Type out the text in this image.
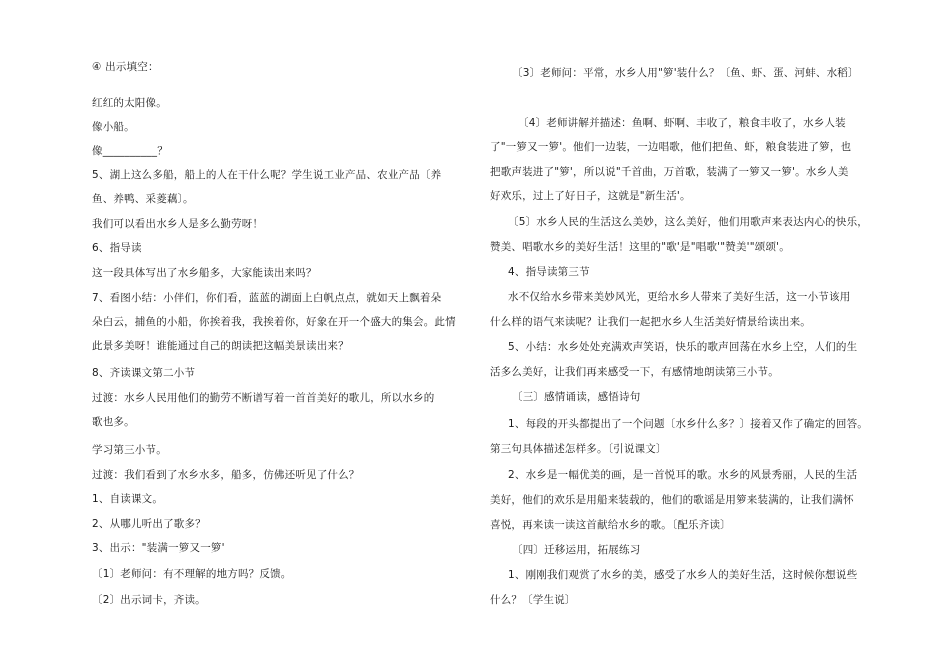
④ 出示填空：
红红的太阳像。
像小船。
像__________？
5、湖上这么多船，船上的人在干什么呢？学生说工业产品、农业产品〔养
鱼、养鸭、采菱藕〕。
我们可以看出水乡人是多么勤劳呀！
6、指导读
这一段具体写出了水乡船多，大家能读出来吗？
7、看图小结：小伴们，你们看，蓝蓝的湖面上白帆点点，就如天上飘着朵
朵白云，捕鱼的小船，你挨着我，我挨着你，好象在开一个盛大的集会。此情
此景多美呀！谁能通过自己的朗读把这幅美景读出来？
8、齐读课文第二小节
过渡：水乡人民用他们的勤劳不断谱写着一首首美好的歌儿，所以水乡的
歌也多。
学习第三小节。
过渡：我们看到了水乡水多，船多，仿佛还听见了什么？
1、自读课文。
2、从哪儿听出了歌多？
3、出示："装满一箩又一箩'
〔1〕老师问：有不理解的地方吗？反馈。
〔2〕出示词卡，齐读。
〔3〕老师问：平常，水乡人用"箩'装什么？〔鱼、虾、蛋、河蚌、水稻〕
〔4〕老师讲解并描述：鱼啊、虾啊、丰收了，粮食丰收了，水乡人装
了"一箩又一箩'。他们一边装，一边唱歌，他们把鱼、虾，粮食装进了箩，也
把歌声装进了"箩'，所以说"千首曲，万首歌，装满了一箩又一箩'。水乡人美
好欢乐，过上了好日子，这就是"新生活'。
〔5〕水乡人民的生活这么美妙，这么美好，他们用歌声来表达内心的快乐，
赞美、唱歌水乡的美好生活！这里的"歌'是"唱歌'"赞美'"颂颂'。
4、指导读第三节
水不仅给水乡带来美妙风光，更给水乡人带来了美好生活，这一小节该用
什么样的语气来读呢？让我们一起把水乡人生活美好情景给读出来。
5、小结：水乡处处充满欢声笑语，快乐的歌声回荡在水乡上空，人们的生
活多么美好，让我们再来感受一下，有感情地朗读第三小节。
〔三〕感情诵读，感悟诗句
1、每段的开头都提出了一个问题〔水乡什么多？〕接着又作了确定的回答。
第三句具体描述怎样多。〔引说课文〕
2、水乡是一幅优美的画，是一首悦耳的歌。水乡的风景秀丽，人民的生活
美好，他们的欢乐是用船来装载的，他们的歌谣是用箩来装满的，让我们满怀
喜悦，再来读一读这首献给水乡的歌。〔配乐齐读〕
〔四〕迁移运用，拓展练习
1、刚刚我们观赏了水乡的美，感受了水乡人的美好生活，这时候你想说些
什么？〔学生说〕
